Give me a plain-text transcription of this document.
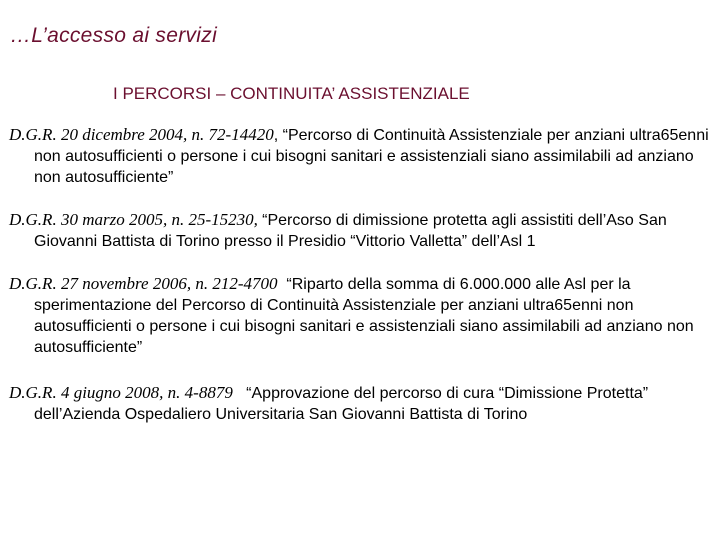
…L’accesso ai servizi
I PERCORSI – CONTINUITA’ ASSISTENZIALE

D.G.R. 20 dicembre 2004, n. 72-14420, “Percorso di Continuità Assistenziale per anziani ultra65enni non autosufficienti o persone i cui bisogni sanitari e assistenziali siano assimilabili ad anziano non autosufficiente”

D.G.R. 30 marzo 2005, n. 25-15230, “Percorso di dimissione protetta agli assistiti dell’Aso San Giovanni Battista di Torino presso il Presidio “Vittorio Valletta” dell’Asl 1

D.G.R. 27 novembre 2006, n. 212-4700  “Riparto della somma di 6.000.000 alle Asl per la sperimentazione del Percorso di Continuità Assistenziale per anziani ultra65enni non autosufficienti o persone i cui bisogni sanitari e assistenziali siano assimilabili ad anziano non autosufficiente”

D.G.R. 4 giugno 2008, n. 4-8879   “Approvazione del percorso di cura “Dimissione Protetta” dell’Azienda Ospedaliero Universitaria San Giovanni Battista di Torino
